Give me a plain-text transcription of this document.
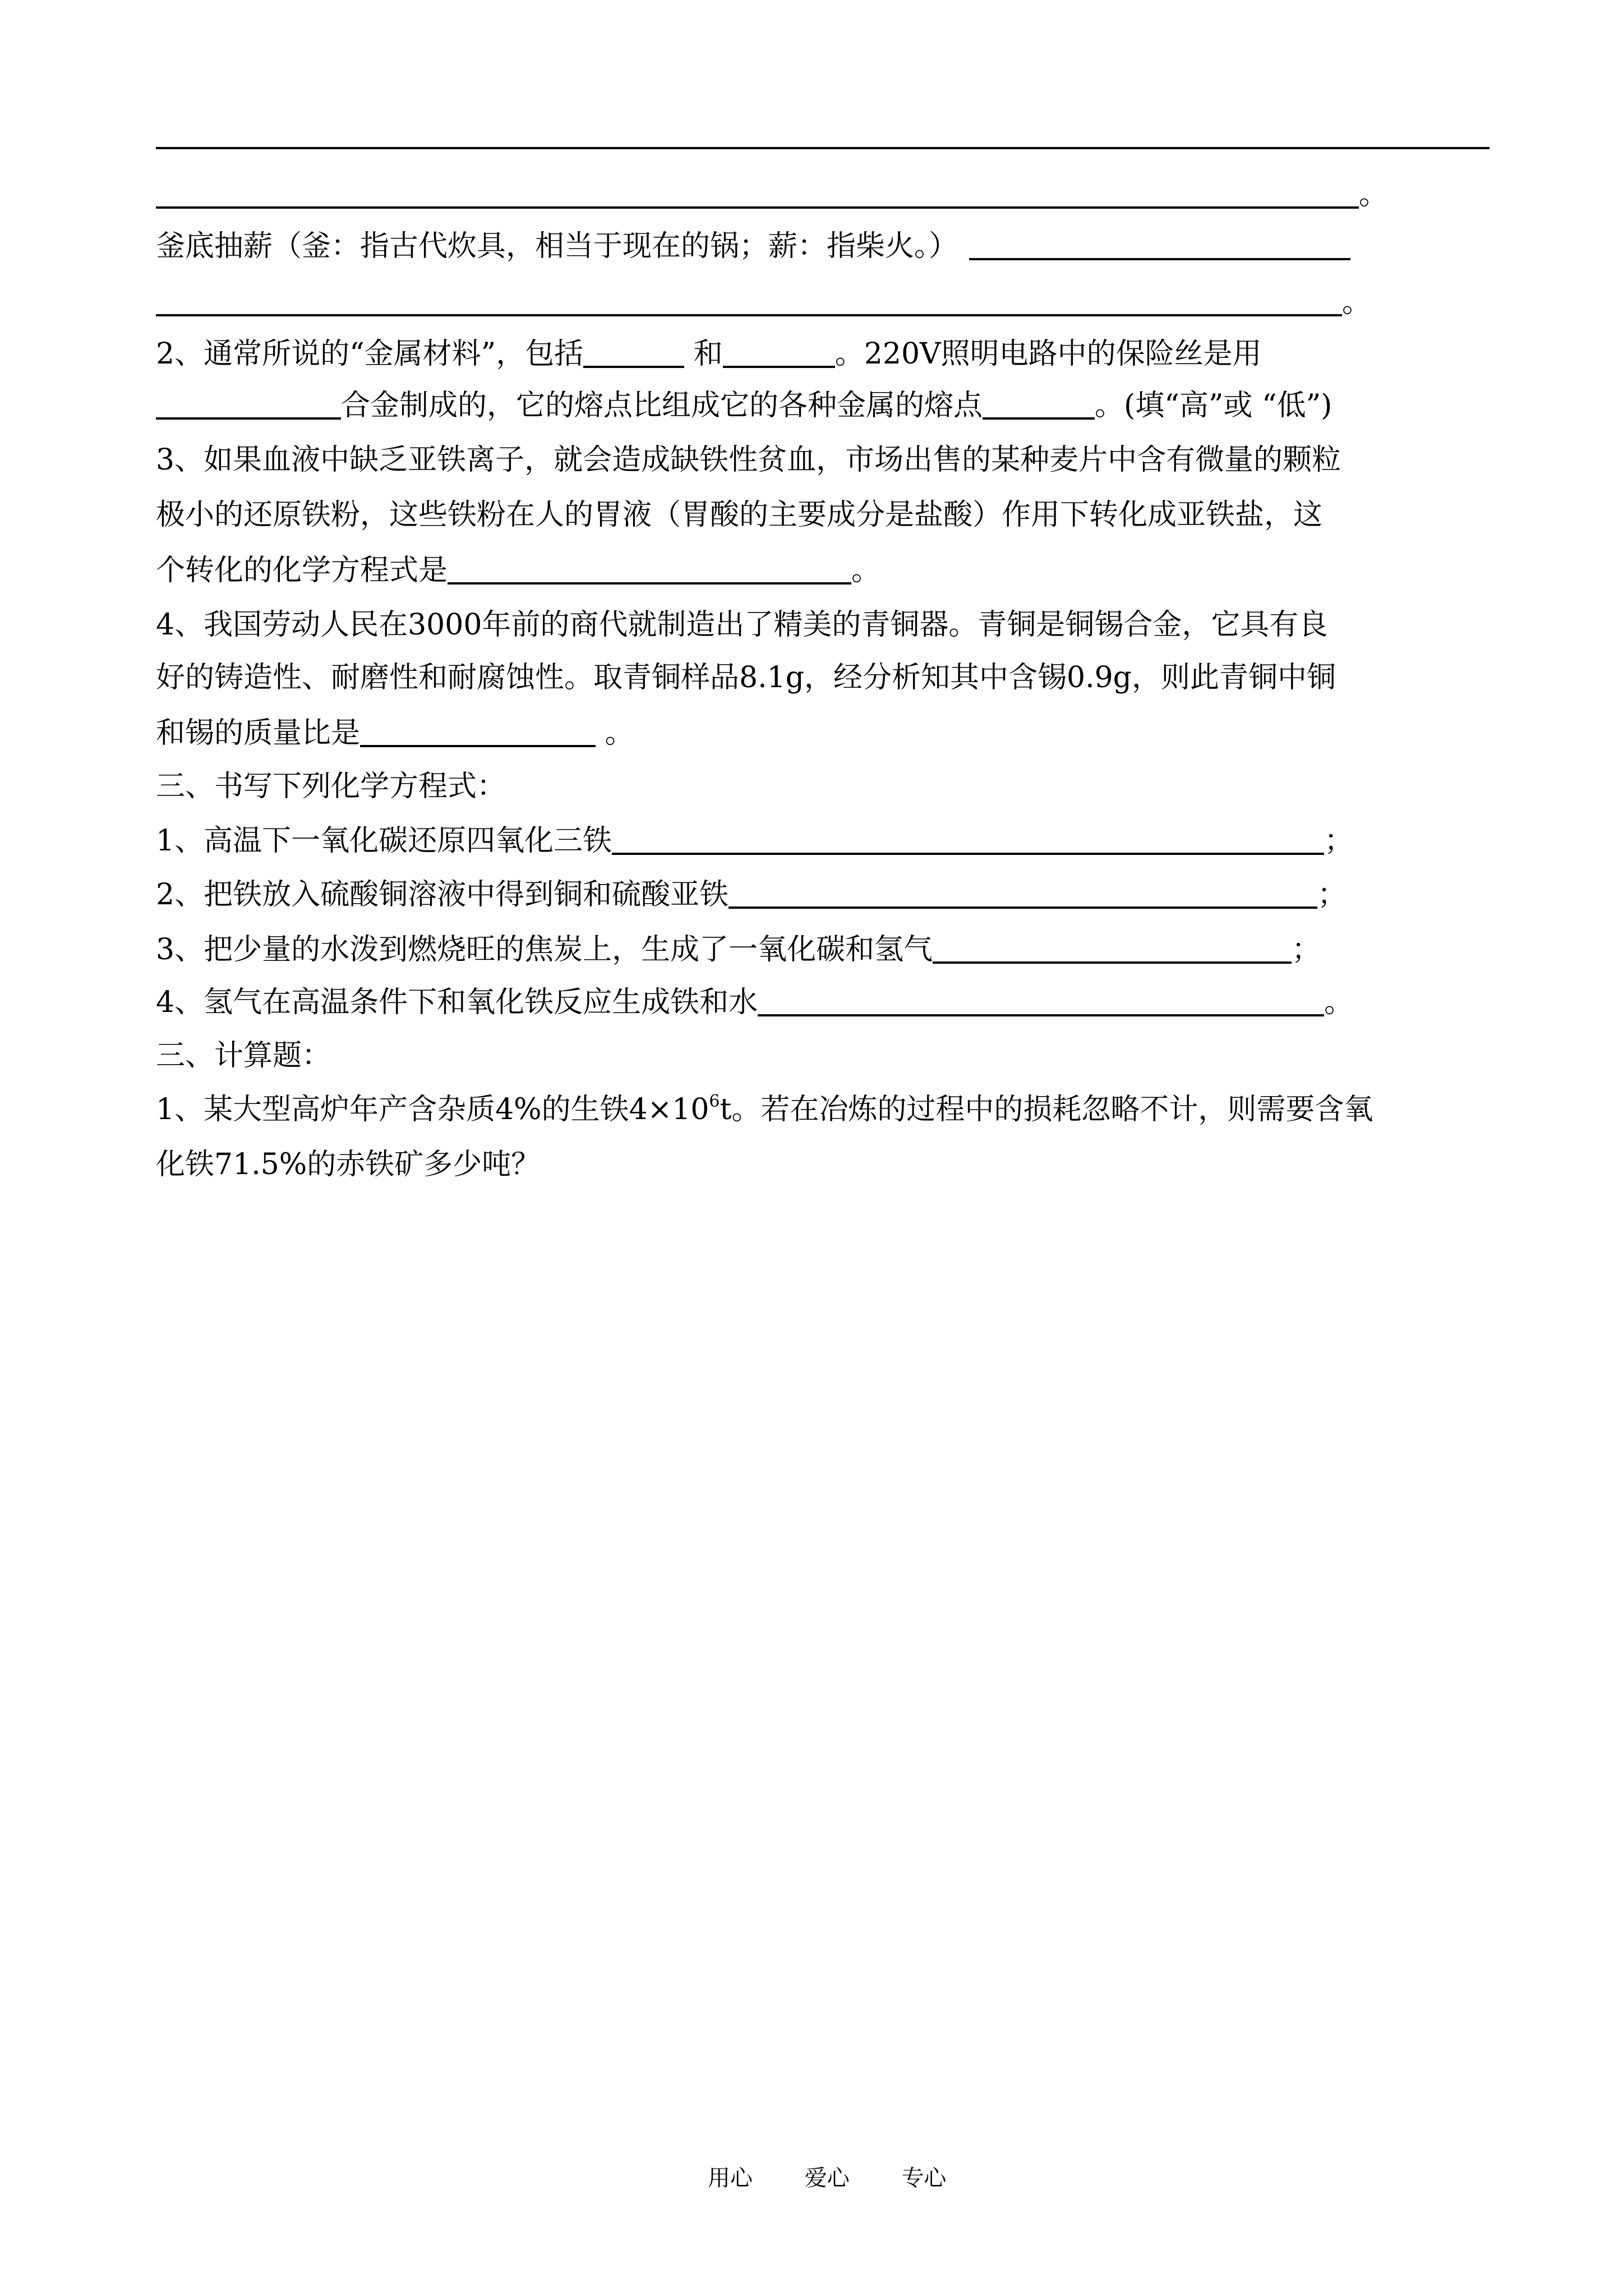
。
釜底抽薪（釜：指古代炊具，相当于现在的锅；薪：指柴火。）
。
2、通常所说的“金属材料”，包括	和	。220V照明电路中的保险丝是用
合金制成的，它的熔点比组成它的各种金属的熔点	。(填“高”或 “低”)
3、如果血液中缺乏亚铁离子，就会造成缺铁性贫血，市场出售的某种麦片中含有微量的颗粒
极小的还原铁粉，这些铁粉在人的胃液（胃酸的主要成分是盐酸）作用下转化成亚铁盐，这
个转化的化学方程式是	。
4、我国劳动人民在3000年前的商代就制造出了精美的青铜器。青铜是铜锡合金，它具有良
好的铸造性、耐磨性和耐腐蚀性。取青铜样品8.1g，经分析知其中含锡0.9g，则此青铜中铜
和锡的质量比是	。
三、书写下列化学方程式：
1、高温下一氧化碳还原四氧化三铁	；
2、把铁放入硫酸铜溶液中得到铜和硫酸亚铁	；
3、把少量的水泼到燃烧旺的焦炭上，生成了一氧化碳和氢气	；
4、氢气在高温条件下和氧化铁反应生成铁和水	。
三、计算题：
1、某大型高炉年产含杂质4%的生铁$4\times 10^6t$。若在冶炼的过程中的损耗忽略不计，则需要含氧
化铁71.5%的赤铁矿多少吨？
用心 爱心 专心
